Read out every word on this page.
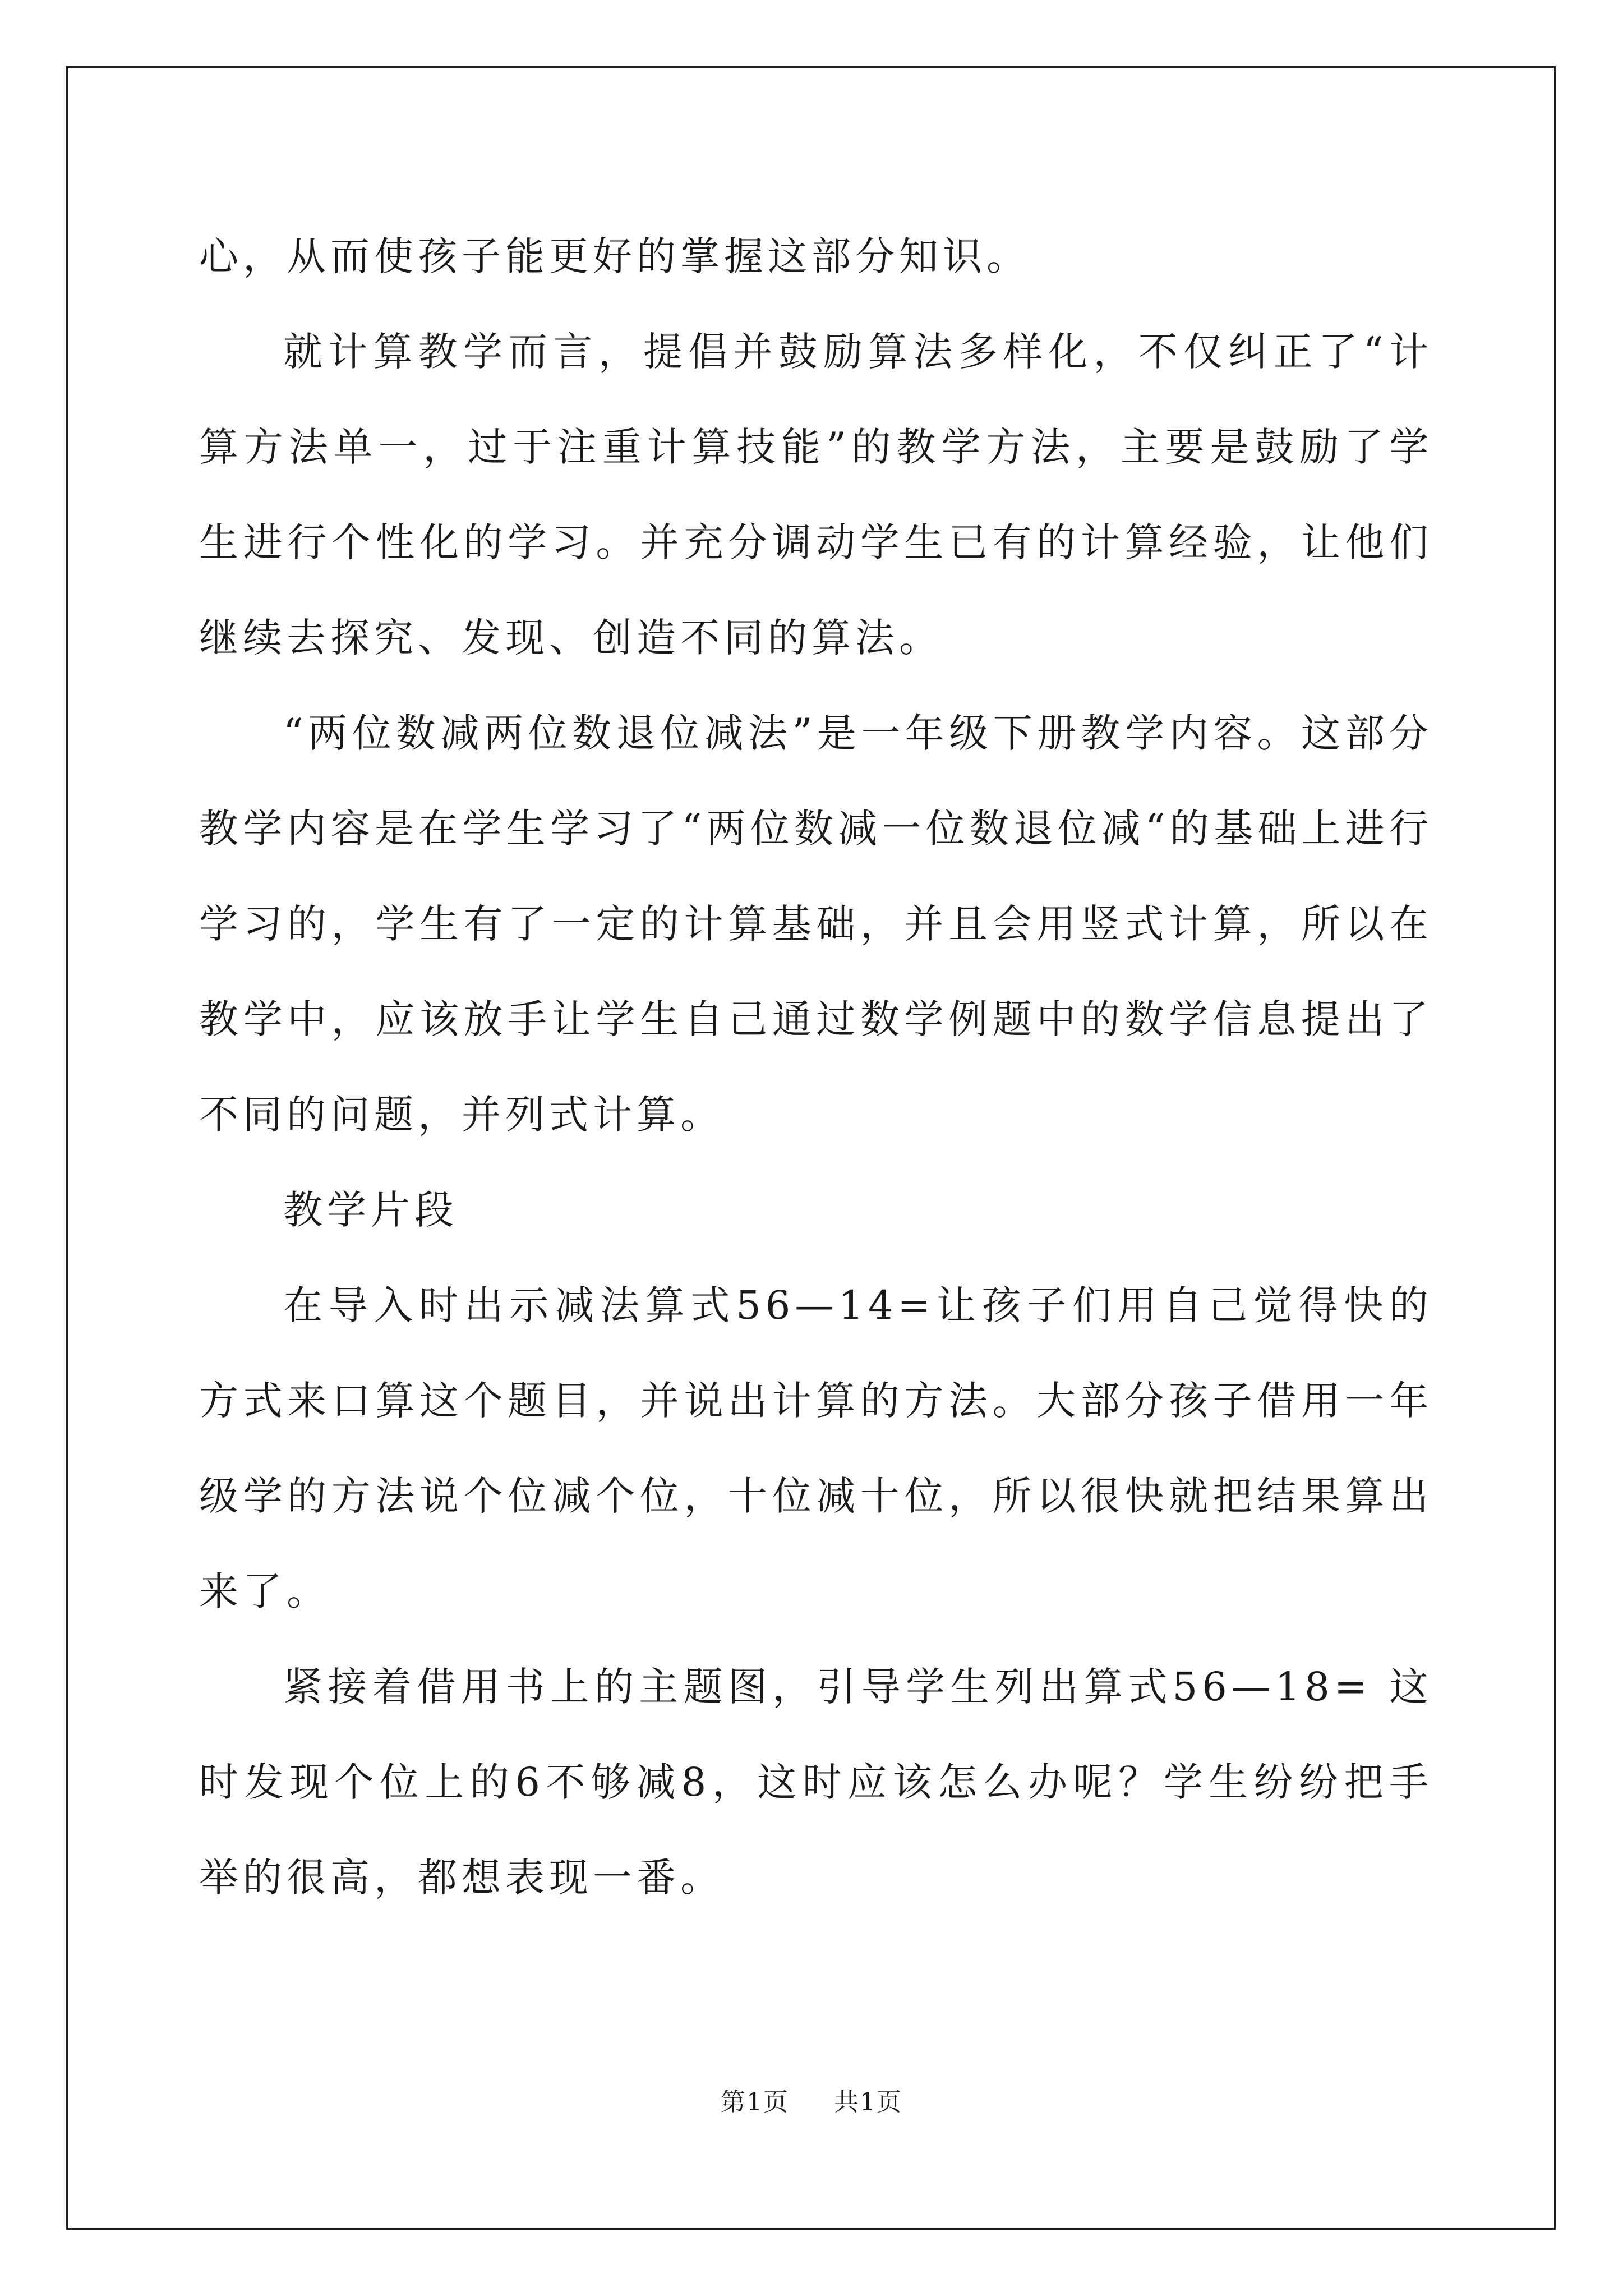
心，从而使孩子能更好的掌握这部分知识。

就计算教学而言，提倡并鼓励算法多样化，不仅纠正了“计算方法单一，过于注重计算技能”的教学方法，主要是鼓励了学生进行个性化的学习。并充分调动学生已有的计算经验，让他们继续去探究、发现、创造不同的算法。

“两位数减两位数退位减法”是一年级下册教学内容。这部分教学内容是在学生学习了“两位数减一位数退位减“的基础上进行学习的，学生有了一定的计算基础，并且会用竖式计算，所以在教学中，应该放手让学生自己通过数学例题中的数学信息提出了不同的问题，并列式计算。

教学片段

在导入时出示减法算式56—14=让孩子们用自己觉得快的方式来口算这个题目，并说出计算的方法。大部分孩子借用一年级学的方法说个位减个位，十位减十位，所以很快就把结果算出来了。

紧接着借用书上的主题图，引导学生列出算式56—18= 这时发现个位上的6不够减8，这时应该怎么办呢？学生纷纷把手举的很高，都想表现一番。

第1页 共1页
